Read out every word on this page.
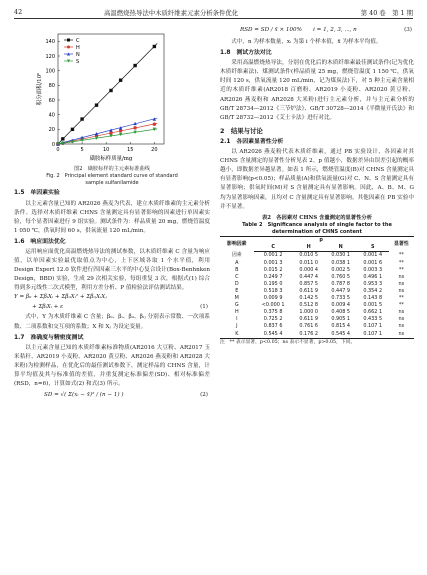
42	高温燃烧热导法中木质纤维素元素分析条件优化	第 40 卷　第 1 期
0	5	10	15	20
0
20
40
60
80
100
120
140
磺胺标样质量/mg
积分面积/10⁶
C
H
N
S
图2　磺胺标样的主元素标准曲线
Fig. 2　Principal element standard curve of standard
sample sulfanilamide
1.5　单因素实验

以主元素含量已知的 AR2026 燕麦为代表，建立木质纤维素的主元素分析条件。选择对木质纤维素 CHNS 含量测定具有显著影响的因素进行单因素实验，每个显著因素进行 9 组实验。测试条件为：样品质量 20 mg，燃烧管温度 1 050 ℃，供氧时间 60 s，供氧流量 120 mL/min。

1.6　响应面法优化

运用响应面优化高温燃烧热导法的测试参数，以木质纤维素 C 含量为响应值，以单因素实验最优取值点为中心，上下区域各取 1 个水平值，利用 Design Expert 12.0 软件进行四因素三水平的中心复合设计(Box-Benhnken Design，BBD) 实验，生成 29 次相关实验，每组重复 3 次，根据式(1) 综合得到多元线性二次式模型，利用方差分析、P 值检验法评估测试结果。

Y = β₀ + ΣβᵢXᵢ + ΣβᵢᵢXᵢ² + ΣβᵢⱼXᵢXⱼ
+ ΣβᵢXᵢ + ε	(1)

式中，Y 为木质纤维素 C 含量；β₀、βᵢ、βᵢᵢ、βᵢⱼ 分别表示常数、一次项系数、二项系数和交互项的系数；X 和 Xⱼ 为设定变量。

1.7　准确度与精密度测试

以主元素含量已知的木质纤维素标准物质(AR2016 大豆粉、AR2017 玉米秸秆、AR2019 小麦粉、AR2020 黄豆粉、AR2026 燕麦粉和 AR2028 大米粉)为检测样品，在优化后的最佳测试参数下，测定样品的 CHNS 含量，计算平均值及其与标准值的差值，并重复测定标准偏差(SD)、相对标准偏差(RSD，n=6)，计算如式(2) 和式(3) 所示。

SD = √( Σ(xᵢ − x̄)² / (n − 1) )	(2)
RSD = SD / x̄ × 100%　　i = 1, 2, 3, ⋯, n	(3)

式中，n 为样本数量，xᵢ 为第 i 个样本值，x̄ 为样本平均值。

1.8　测试方法对比

采用高温燃烧热导法，分别在优化后的木质纤维素最佳测试条件(记为优化木质纤维素法)、煤测试条件(样品质量 25 mg，燃烧管温度 1 150 ℃，供氧时间 120 s，供氧流量 120 mL/min，记为煤炭法)下，对 5 种主元素含量相近的木质纤维素(AR2018 百磨粉、AR2019 小麦粉、AR2020 黄豆粉、AR2026 燕麦粉和 AR2028 大米粉)进行主元素分析，并与主元素分析的 GB/T 28734—2012《三节炉法》、GB/T 30728—2014《半微量开氏法》和 GB/T 28732—2012《艾士卡法》进行对比。

2　结果与讨论
2.1　各因素显著性分析

以 AR2026 燕麦粉代表木质纤维素，通过 PB 实验设计，各因素对其 CHNS 含量测定的显著性分析见表 2。p 值越小，数据差异由误差引起的概率越小，即数据差异越显著。如表 1 所示，燃烧管温度(B)对 CHNS 含量测定具有显著影响(p<0.05)；样品质量(A)和供氧流量(G)对 C、N、S 含量测定具有显著影响；供氧时间(M)对 S 含量测定具有显著影响。因此，A、B、M、G 均为显著影响因素，且均对 C 含量测定具有显著影响。其他因素在 PB 实验中并不显著。

表2　各因素对 CHNS 含量测定的显著性分析
Table 2　Significance analysis of single factor to the
determination of CHNS content
影响因素	p				显著性
	C	H	N	S	
因素	0.001 2	0.010 5	0.030 1	0.001 4	**
A	0.001 3	0.011 0	0.038 1	0.001 6	**
B	0.015 2	0.000 4	0.002 5	0.003 3	**
C	0.249 7	0.447 4	0.760 5	0.496 1	ns
D	0.195 0	0.857 5	0.787 8	0.953 3	ns
E	0.518 3	0.611 9	0.447 9	0.354 2	ns
M	0.009 9	0.142 5	0.733 5	0.143 8	**
G	<0.000 1	0.512 8	0.009 4	0.001 5	**
H	0.375 8	1.000 0	0.408 5	0.662 1	ns
I	0.725 2	0.611 9	0.905 1	0.433 5	ns
J	0.837 6	0.761 6	0.815 4	0.107 1	ns
K	0.545 4	0.176 2	0.545 4	0.107 1	ns
注　** 表示显著，p<0.05；ns 表示不显著，p>0.05，下同。
